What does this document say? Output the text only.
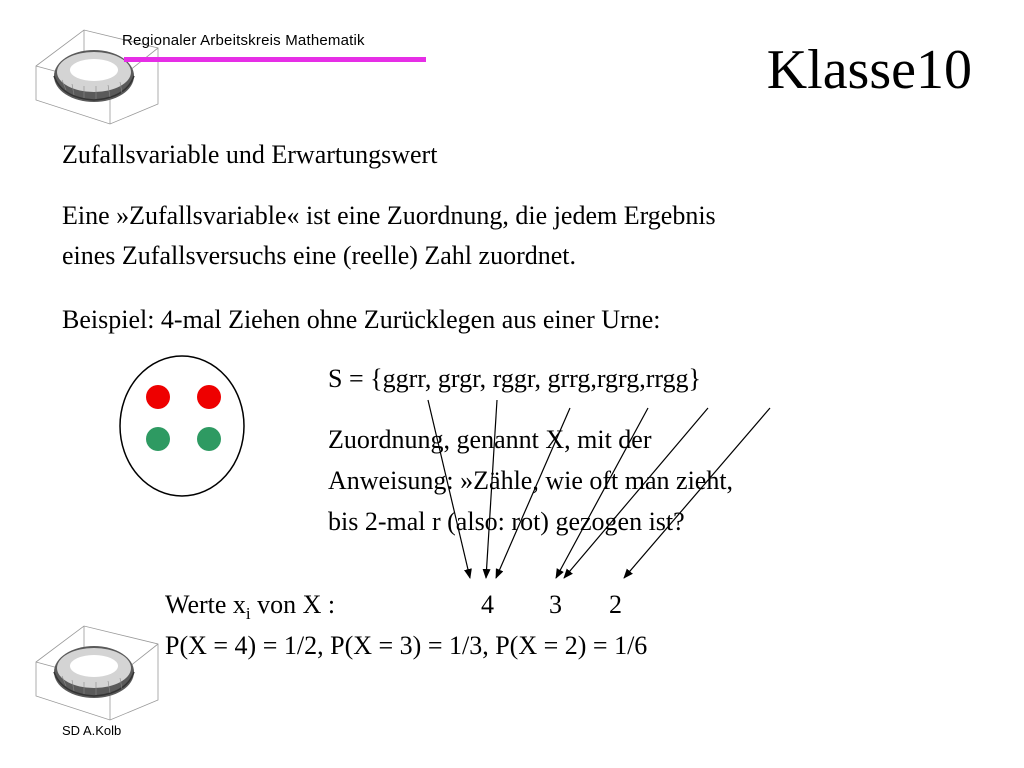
Regionaler Arbeitskreis Mathematik	Klasse10
Zufallsvariable und Erwartungswert
Eine »Zufallsvariable« ist eine Zuordnung, die jedem Ergebnis
eines Zufallsversuchs eine (reelle) Zahl zuordnet.
Beispiel: 4-mal Ziehen ohne Zurücklegen aus einer Urne:
S = {ggrr, grgr, rggr, grrg,rgrg,rrgg}
Zuordnung, genannt X, mit der
Anweisung: »Zähle, wie oft man zieht,
bis 2-mal r (also: rot) gezogen ist?
Werte $x_i$ von X :	4 3 2
P(X = 4) = 1/2, P(X = 3) = 1/3, P(X = 2) = 1/6
SD A.Kolb
